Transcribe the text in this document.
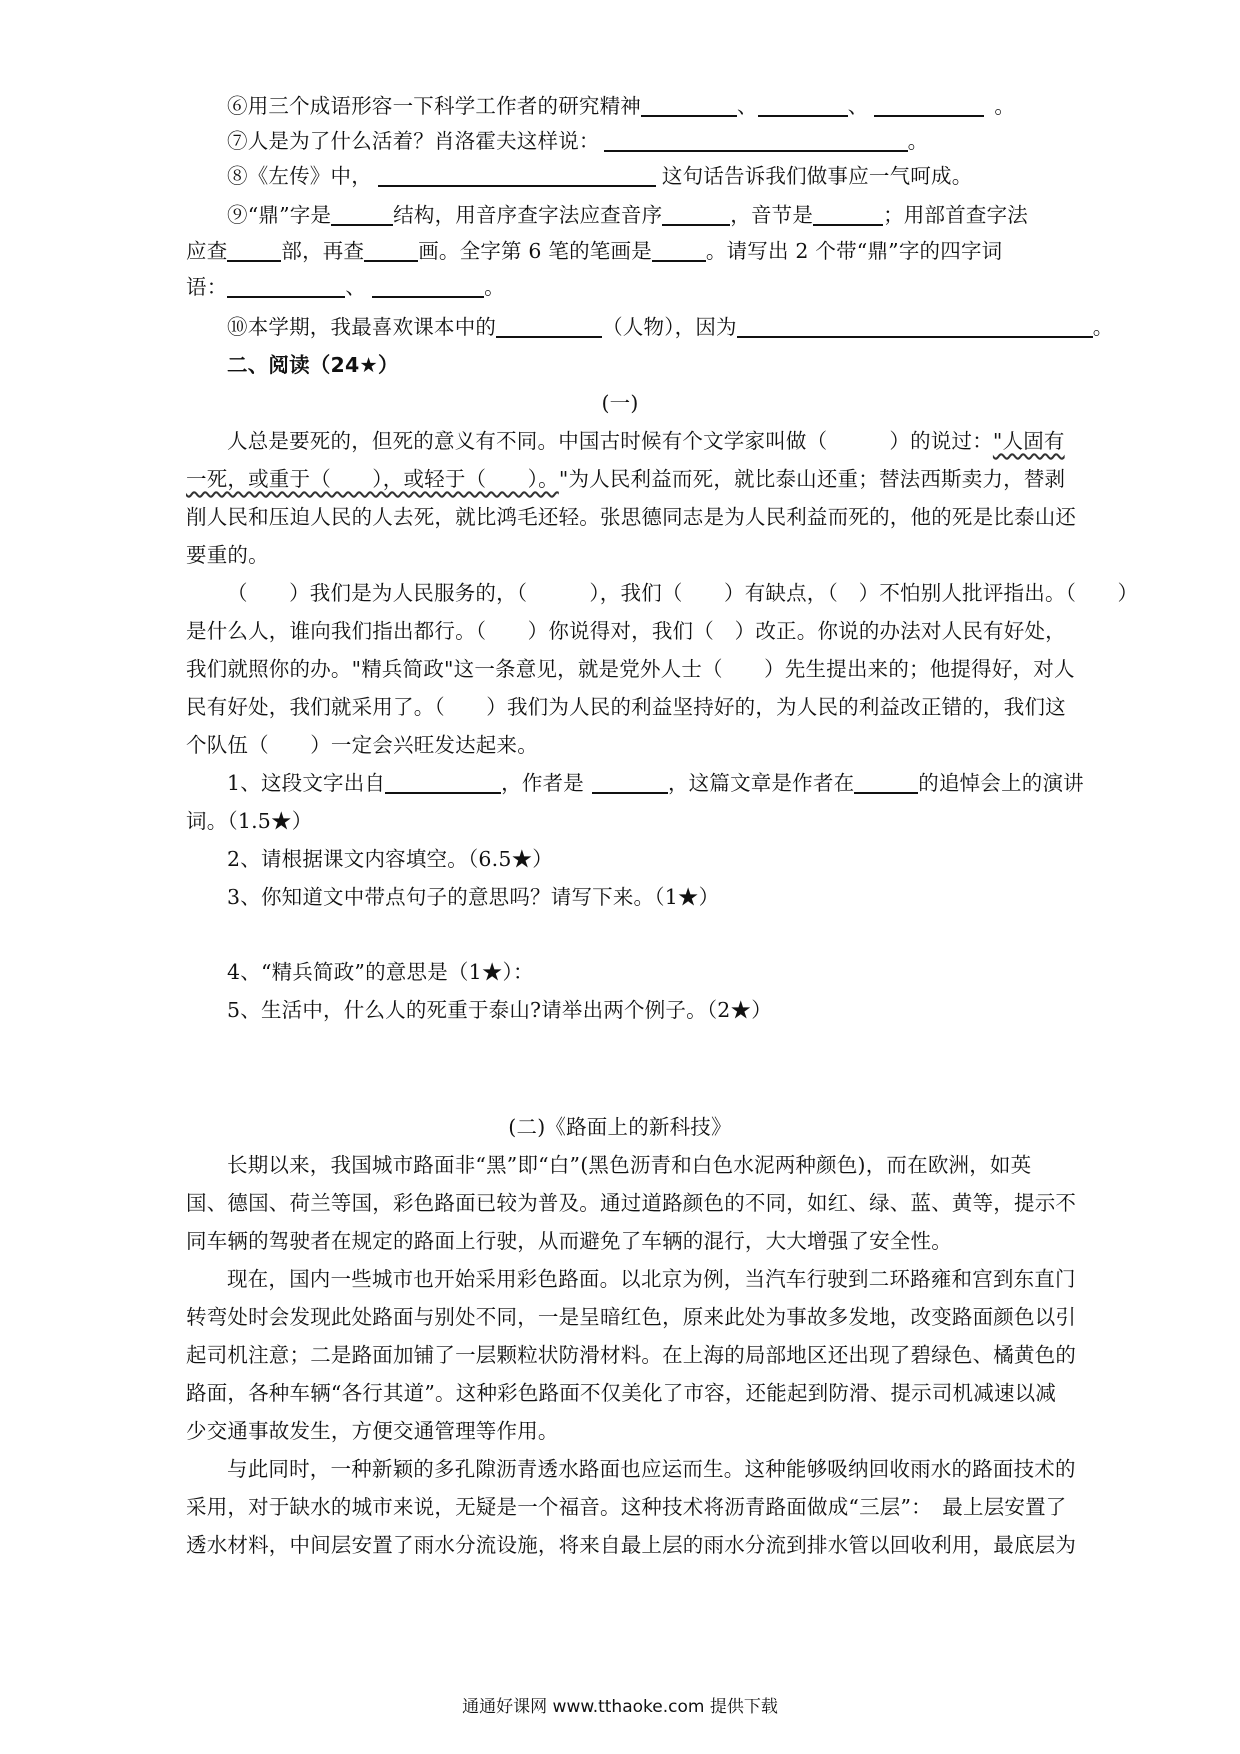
⑥用三个成语形容一下科学工作者的研究精神	、	、	。
⑦人是为了什么活着？肖洛霍夫这样说：	。
⑧《左传》中，	这句话告诉我们做事应一气呵成。
⑨“鼎”字是	结构，用音序查字法应查音序	，音节是	；用部首查字法
应查	部，再查	画。全字第 6 笔的笔画是	。请写出 2 个带“鼎”字的四字词
语：	、	。
⑩本学期，我最喜欢课本中的	（人物），因为	。
二、阅读（24★）
(一)
人总是要死的，但死的意义有不同。中国古时候有个文学家叫做（　　　）的说过："人固有
一死，或重于（　　），或轻于（　　）。"为人民利益而死，就比泰山还重；替法西斯卖力，替剥
削人民和压迫人民的人去死，就比鸿毛还轻。张思德同志是为人民利益而死的，他的死是比泰山还
要重的。
（　　）我们是为人民服务的，（　　　），我们（　　）有缺点，（　）不怕别人批评指出。（　　）
是什么人，谁向我们指出都行。（　　）你说得对，我们（　）改正。你说的办法对人民有好处，
我们就照你的办。"精兵简政"这一条意见，就是党外人士（　　）先生提出来的；他提得好，对人
民有好处，我们就采用了。（　　）我们为人民的利益坚持好的，为人民的利益改正错的，我们这
个队伍（　　）一定会兴旺发达起来。
1、这段文字出自	，作者是	，这篇文章是作者在	的追悼会上的演讲
词。（1.5★）
2、请根据课文内容填空。（6.5★）
3、你知道文中带点句子的意思吗？请写下来。（1★）
4、“精兵简政”的意思是（1★）：
5、生活中，什么人的死重于泰山?请举出两个例子。（2★）
(二)《路面上的新科技》
长期以来，我国城市路面非“黑”即“白”(黑色沥青和白色水泥两种颜色)，而在欧洲，如英
国、德国、荷兰等国，彩色路面已较为普及。通过道路颜色的不同，如红、绿、蓝、黄等，提示不
同车辆的驾驶者在规定的路面上行驶，从而避免了车辆的混行，大大增强了安全性。
现在，国内一些城市也开始采用彩色路面。以北京为例，当汽车行驶到二环路雍和宫到东直门
转弯处时会发现此处路面与别处不同，一是呈暗红色，原来此处为事故多发地，改变路面颜色以引
起司机注意；二是路面加铺了一层颗粒状防滑材料。在上海的局部地区还出现了碧绿色、橘黄色的
路面，各种车辆“各行其道”。这种彩色路面不仅美化了市容，还能起到防滑、提示司机减速以减
少交通事故发生，方便交通管理等作用。
与此同时，一种新颖的多孔隙沥青透水路面也应运而生。这种能够吸纳回收雨水的路面技术的
采用，对于缺水的城市来说，无疑是一个福音。这种技术将沥青路面做成“三层”：　最上层安置了
透水材料，中间层安置了雨水分流设施，将来自最上层的雨水分流到排水管以回收利用，最底层为
通通好课网 www.tthaoke.com 提供下载
